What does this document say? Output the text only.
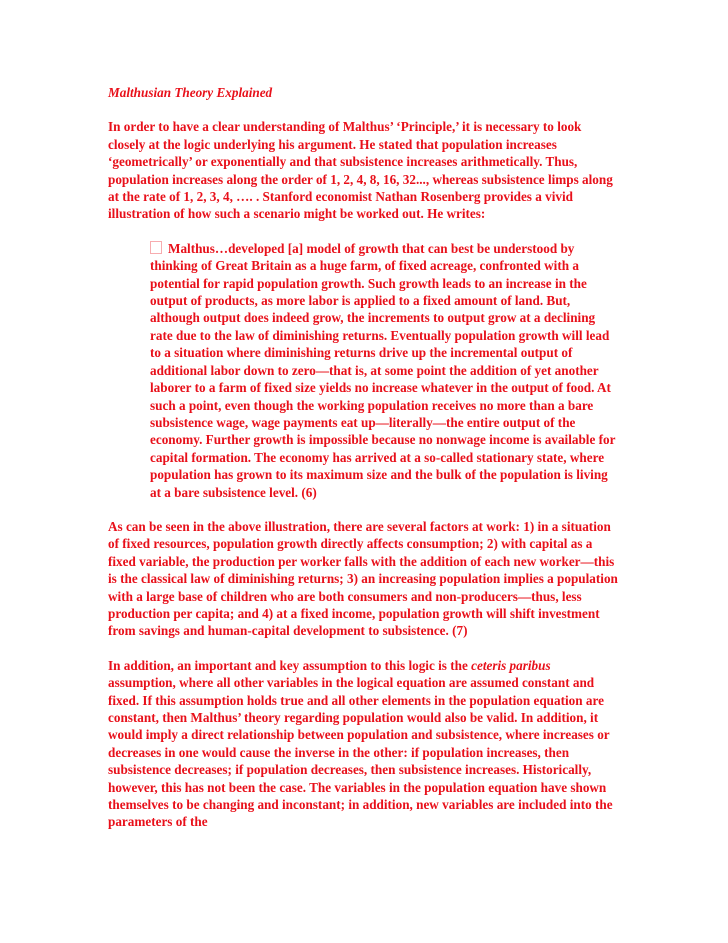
Malthusian Theory Explained

In order to have a clear understanding of Malthus’ ‘Principle,’ it is necessary to look closely at the logic underlying his argument. He stated that population increases ‘geometrically’ or exponentially and that subsistence increases arithmetically. Thus, population increases along the order of 1, 2, 4, 8, 16, 32..., whereas subsistence limps along at the rate of 1, 2, 3, 4, …. . Stanford economist Nathan Rosenberg provides a vivid illustration of how such a scenario might be worked out. He writes:

Malthus…developed [a] model of growth that can best be understood by thinking of Great Britain as a huge farm, of fixed acreage, confronted with a potential for rapid population growth. Such growth leads to an increase in the output of products, as more labor is applied to a fixed amount of land. But, although output does indeed grow, the increments to output grow at a declining rate due to the law of diminishing returns. Eventually population growth will lead to a situation where diminishing returns drive up the incremental output of additional labor down to zero—that is, at some point the addition of yet another laborer to a farm of fixed size yields no increase whatever in the output of food. At such a point, even though the working population receives no more than a bare subsistence wage, wage payments eat up—literally—the entire output of the economy. Further growth is impossible because no nonwage income is available for capital formation. The economy has arrived at a so-called stationary state, where population has grown to its maximum size and the bulk of the population is living at a bare subsistence level. (6)

As can be seen in the above illustration, there are several factors at work: 1) in a situation of fixed resources, population growth directly affects consumption; 2) with capital as a fixed variable, the production per worker falls with the addition of each new worker—this is the classical law of diminishing returns; 3) an increasing population implies a population with a large base of children who are both consumers and non-producers—thus, less production per capita; and 4) at a fixed income, population growth will shift investment from savings and human-capital development to subsistence. (7)

In addition, an important and key assumption to this logic is the ceteris paribus assumption, where all other variables in the logical equation are assumed constant and fixed. If this assumption holds true and all other elements in the population equation are constant, then Malthus’ theory regarding population would also be valid. In addition, it would imply a direct relationship between population and subsistence, where increases or decreases in one would cause the inverse in the other: if population increases, then subsistence decreases; if population decreases, then subsistence increases. Historically, however, this has not been the case. The variables in the population equation have shown themselves to be changing and inconstant; in addition, new variables are included into the parameters of the
